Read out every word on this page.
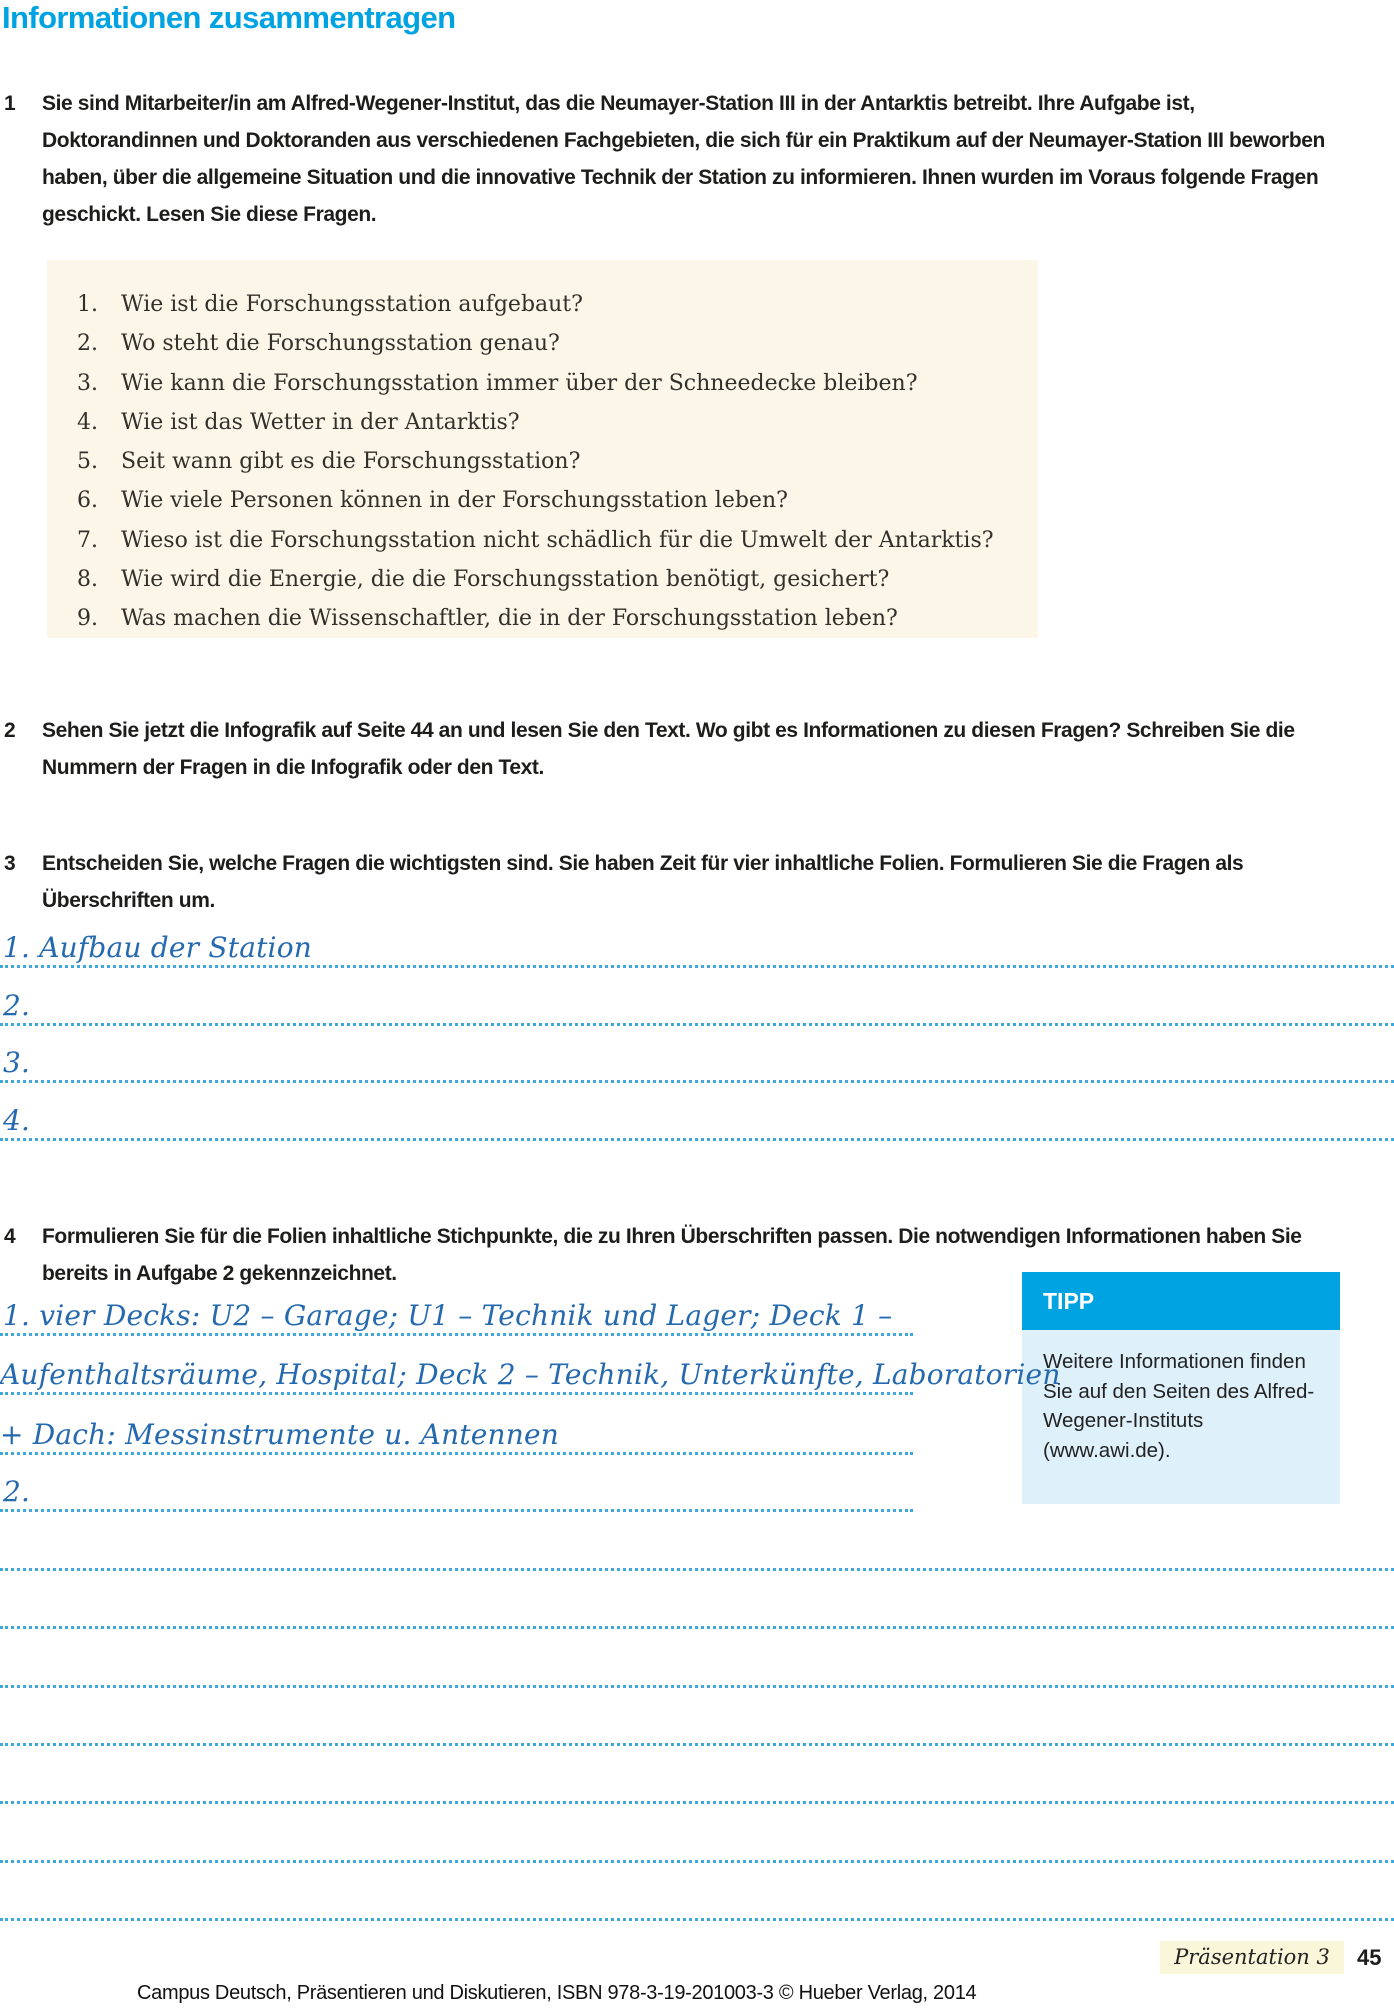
Informationen zusammentragen
1	Sie sind Mitarbeiter/in am Alfred-Wegener-Institut, das die Neumayer-Station III in der Antarktis betreibt. Ihre Aufgabe ist, Doktorandinnen und Doktoranden aus verschiedenen Fachgebieten, die sich für ein Praktikum auf der Neumayer-Station III beworben haben, über die allgemeine Situation und die innovative Technik der Station zu informieren. Ihnen wurden im Voraus folgende Fragen geschickt. Lesen Sie diese Fragen.

1.	Wie ist die Forschungsstation aufgebaut?
2.	Wo steht die Forschungsstation genau?
3.	Wie kann die Forschungsstation immer über der Schneedecke bleiben?
4.	Wie ist das Wetter in der Antarktis?
5.	Seit wann gibt es die Forschungsstation?
6.	Wie viele Personen können in der Forschungsstation leben?
7.	Wieso ist die Forschungsstation nicht schädlich für die Umwelt der Antarktis?
8.	Wie wird die Energie, die die Forschungsstation benötigt, gesichert?
9.	Was machen die Wissenschaftler, die in der Forschungsstation leben?
2	Sehen Sie jetzt die Infografik auf Seite 44 an und lesen Sie den Text. Wo gibt es Informationen zu diesen Fragen? Schreiben Sie die Nummern der Fragen in die Infografik oder den Text.

3	Entscheiden Sie, welche Fragen die wichtigsten sind. Sie haben Zeit für vier inhaltliche Folien. Formulieren Sie die Fragen als Überschriften um.

1. Aufbau der Station
2.
3.
4.
4	Formulieren Sie für die Folien inhaltliche Stichpunkte, die zu Ihren Überschriften passen. Die notwendigen Informationen haben Sie bereits in Aufgabe 2 gekennzeichnet.

TIPP
Weitere Informationen finden Sie auf den Seiten des Alfred-Wegener-Instituts (www.awi.de).
1. vier Decks: U2 – Garage; U1 – Technik und Lager; Deck 1 –
Aufenthaltsräume, Hospital; Deck 2 – Technik, Unterkünfte, Laboratorien
+ Dach: Messinstrumente u. Antennen
2.
Präsentation 3	45
Campus Deutsch, Präsentieren und Diskutieren, ISBN 978-3-19-201003-3 © Hueber Verlag, 2014
